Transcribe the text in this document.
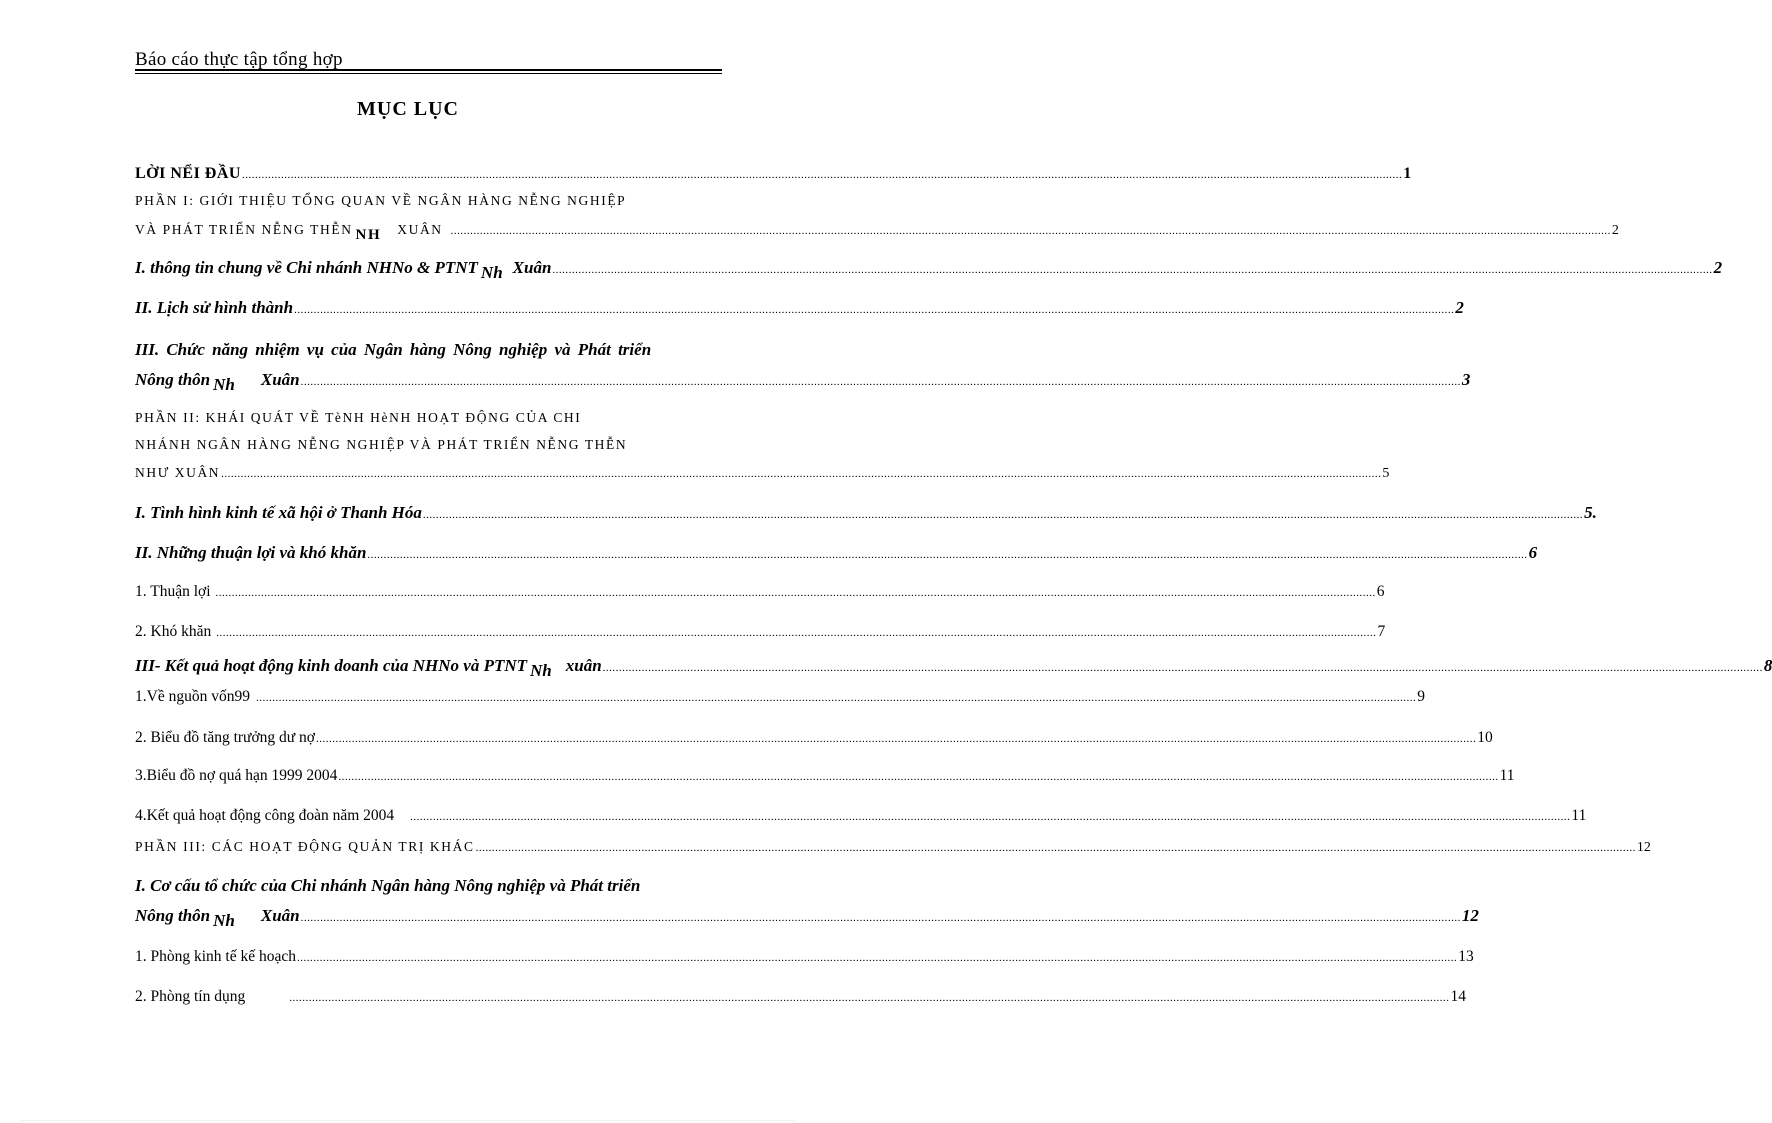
Báo cáo thực tập tổng hợp
MỤC LỤC
LỜI NỂI ĐẦU ..................................................................................................................................................................................................................................................................................................................................................................... 1
PHẦN I: GIỚI THIỆU TỔNG QUAN VỀ NGÂN HÀNG NỄNG NGHIỆP
VÀ PHÁT TRIỂN NỄNG THỄN NH XUÂN ..................................................................................................................................................................................................................................................................................................................................................................... 2
I. thông tin chung về Chi nhánh NHNo & PTNT Nh Xuân ..................................................................................................................................................................................................................................................................................................................................................................... 2
II. Lịch sử hình thành ..................................................................................................................................................................................................................................................................................................................................................................... 2
III. Chức năng nhiệm vụ của Ngân hàng Nông nghiệp và Phát triển
Nông thôn Nh Xuân ..................................................................................................................................................................................................................................................................................................................................................................... 3
PHẦN II: KHÁI QUÁT VỀ TèNH HèNH HOẠT ĐỘNG CỦA CHI
NHÁNH NGÂN HÀNG NỄNG NGHIỆP VÀ PHÁT TRIỂN NỄNG THỄN
NHƯ XUÂN ..................................................................................................................................................................................................................................................................................................................................................................... 5
I. Tình hình kinh tế xã hội ở Thanh Hóa ..................................................................................................................................................................................................................................................................................................................................................................... 5.
II. Những thuận lợi và khó khăn ..................................................................................................................................................................................................................................................................................................................................................................... 6
1. Thuận lợi ..................................................................................................................................................................................................................................................................................................................................................................... 6
2. Khó khăn ..................................................................................................................................................................................................................................................................................................................................................................... 7
III- Kết quả hoạt động kinh doanh của NHNo và PTNT Nh xuân ..................................................................................................................................................................................................................................................................................................................................................................... 8
1.Về nguồn vốn99 ..................................................................................................................................................................................................................................................................................................................................................................... 9
2. Biểu đồ tăng trưởng dư nợ ..................................................................................................................................................................................................................................................................................................................................................................... 10
3.Biểu đồ nợ quá hạn 1999 2004 ..................................................................................................................................................................................................................................................................................................................................................................... 11
4.Kết quả hoạt động công đoàn năm 2004 ..................................................................................................................................................................................................................................................................................................................................................................... 11
PHẦN III: CÁC HOẠT ĐỘNG QUẢN TRỊ KHÁC ..................................................................................................................................................................................................................................................................................................................................................................... 12
I. Cơ cấu tổ chức của Chi nhánh Ngân hàng Nông nghiệp và Phát triển
Nông thôn Nh Xuân ..................................................................................................................................................................................................................................................................................................................................................................... 12
1. Phòng kinh tế kế hoạch ..................................................................................................................................................................................................................................................................................................................................................................... 13
2. Phòng tín dụng	..................................................................................................................................................................................................................................................................................................................................................................... 14
